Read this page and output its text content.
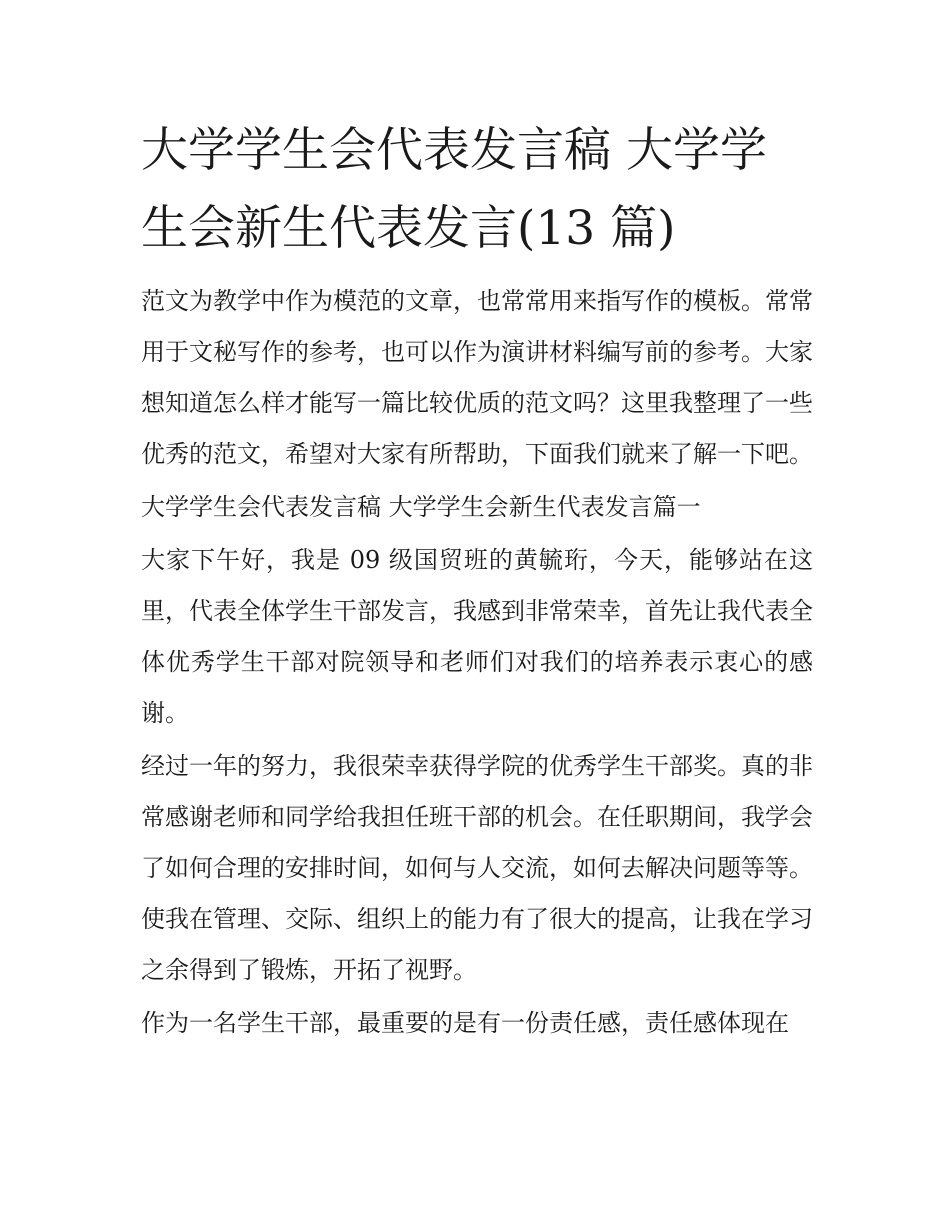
大学学生会代表发言稿 大学学生会新生代表发言(13 篇)

范文为教学中作为模范的文章，也常常用来指写作的模板。常常用于文秘写作的参考，也可以作为演讲材料编写前的参考。大家想知道怎么样才能写一篇比较优质的范文吗？这里我整理了一些优秀的范文，希望对大家有所帮助，下面我们就来了解一下吧。

大学学生会代表发言稿 大学学生会新生代表发言篇一

大家下午好，我是 09 级国贸班的黄毓珩，今天，能够站在这里，代表全体学生干部发言，我感到非常荣幸，首先让我代表全体优秀学生干部对院领导和老师们对我们的培养表示衷心的感谢。

经过一年的努力，我很荣幸获得学院的优秀学生干部奖。真的非常感谢老师和同学给我担任班干部的机会。在任职期间，我学会了如何合理的安排时间，如何与人交流，如何去解决问题等等。使我在管理、交际、组织上的能力有了很大的提高，让我在学习之余得到了锻炼，开拓了视野。

作为一名学生干部，最重要的是有一份责任感，责任感体现在
